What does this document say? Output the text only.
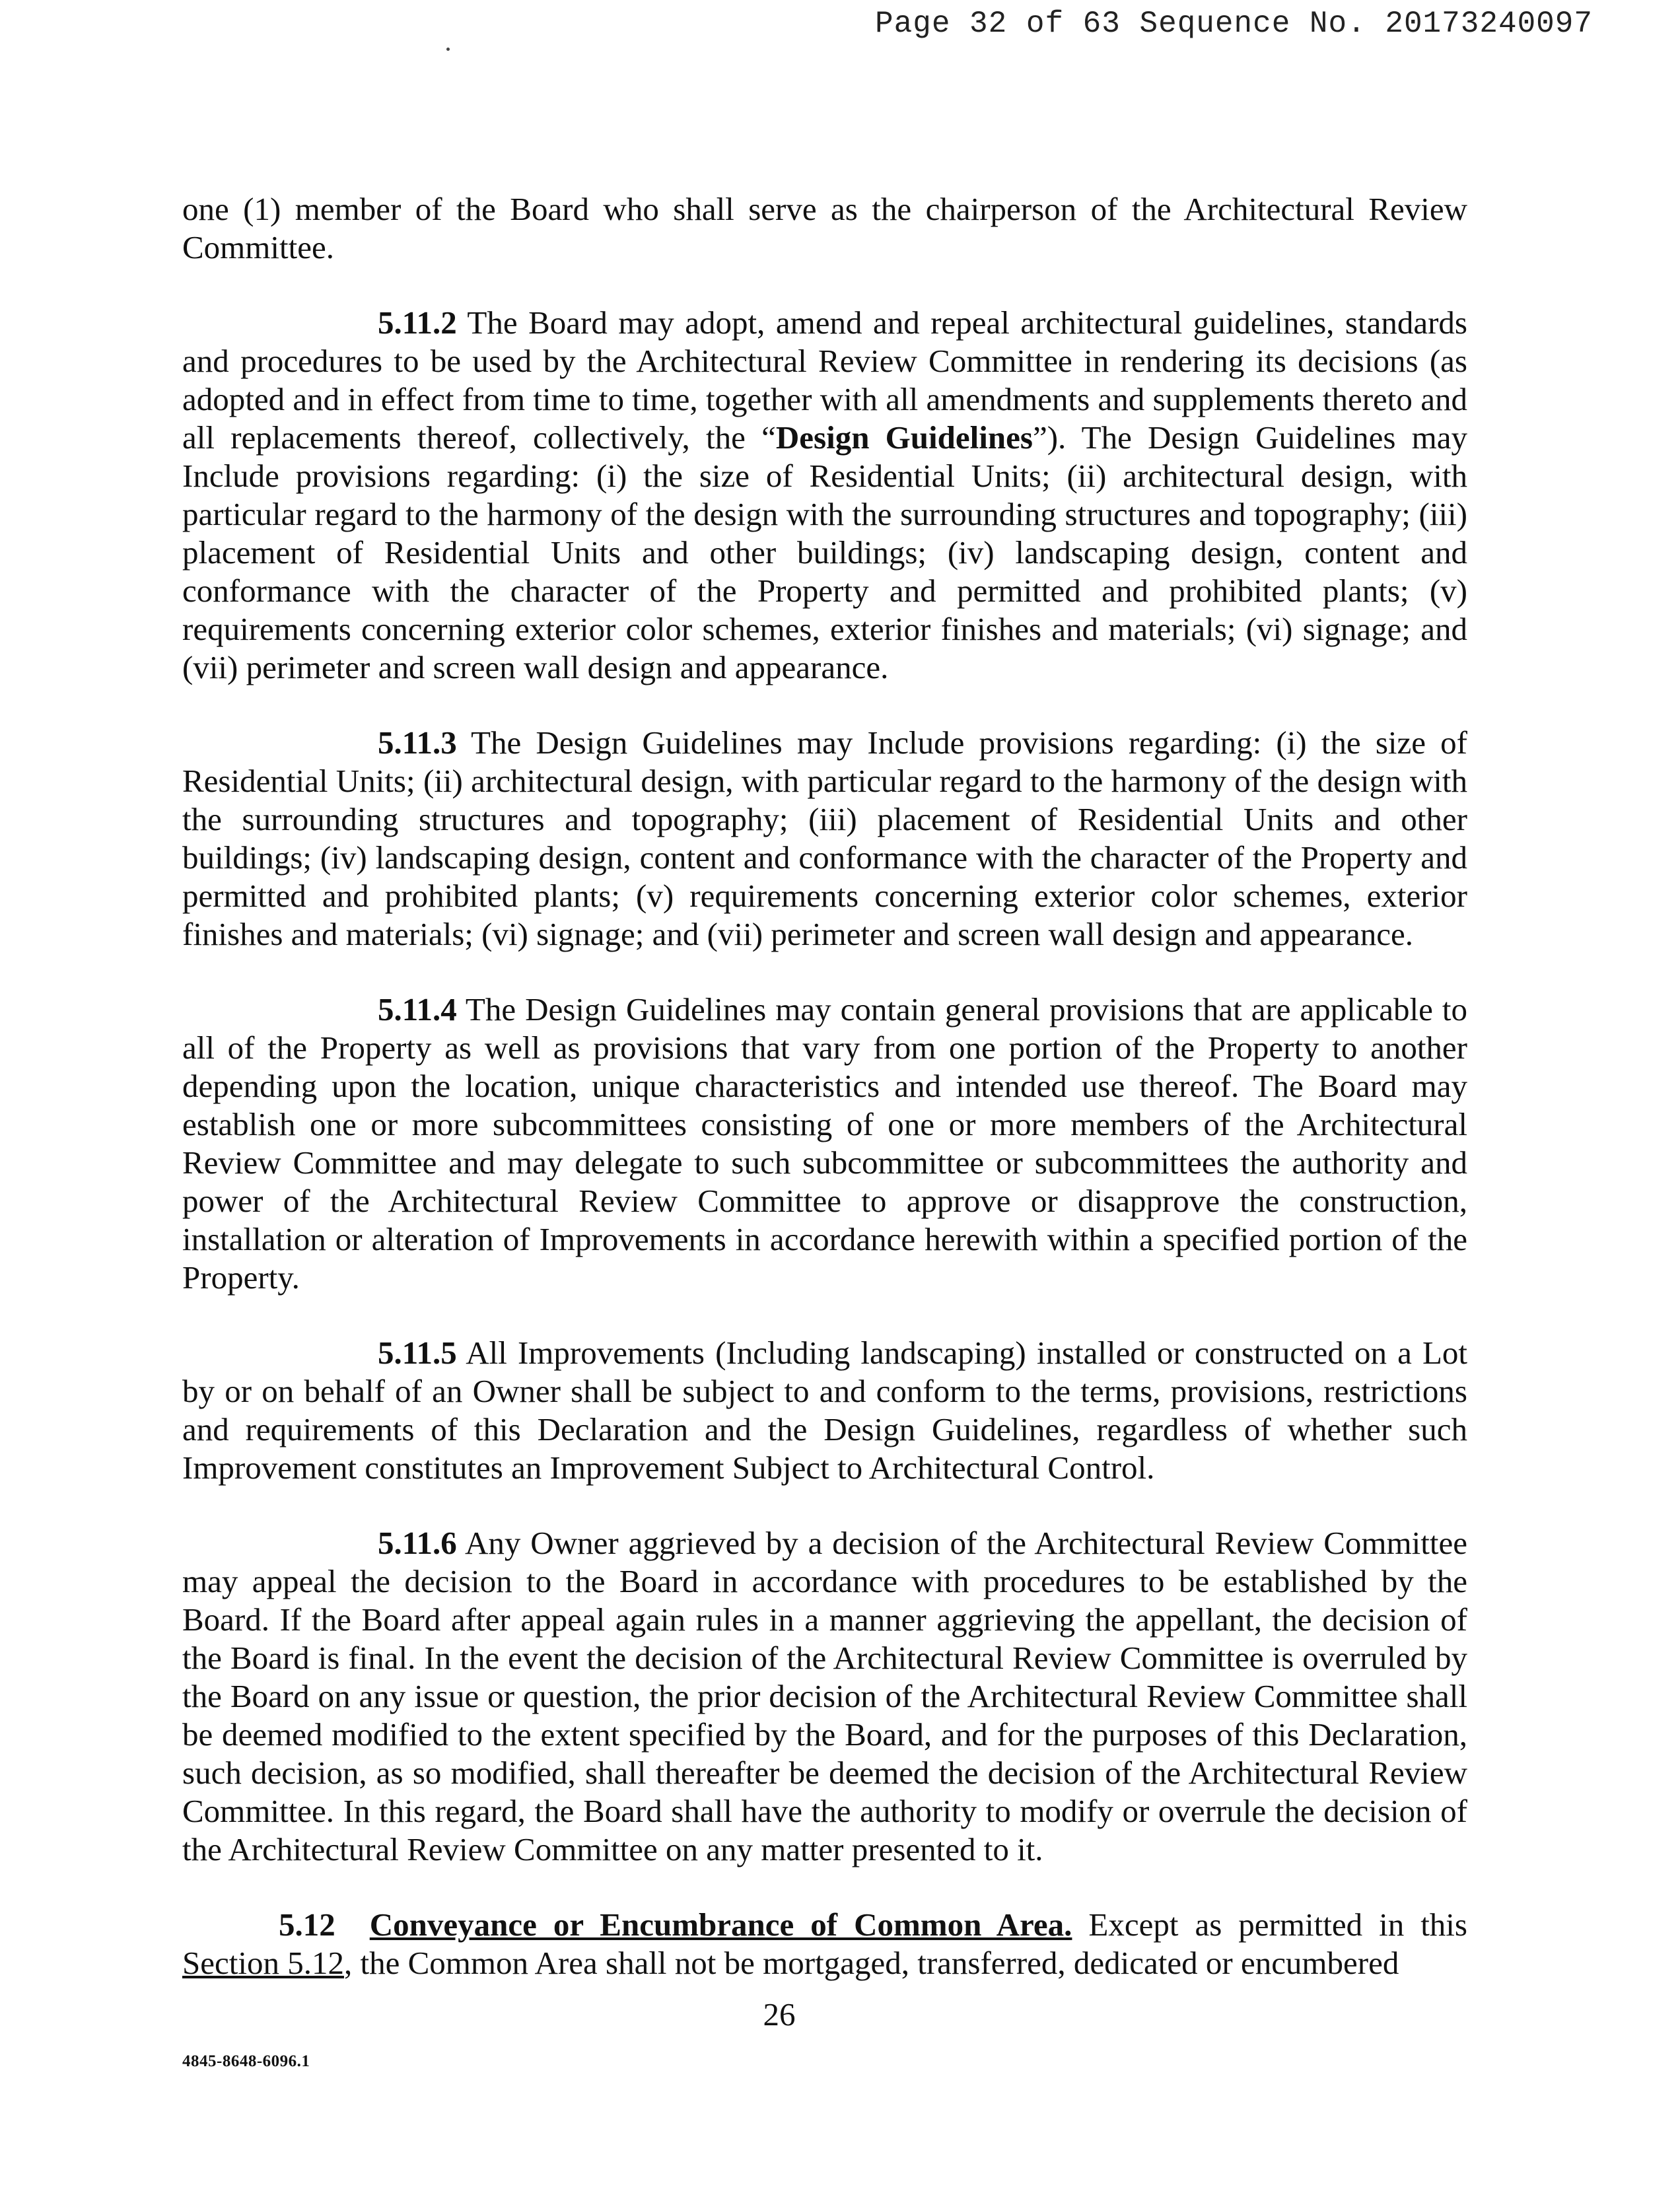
Page 32 of 63 Sequence No. 20173240097

one (1) member of the Board who shall serve as the chairperson of the Architectural Review Committee.

5.11.2 The Board may adopt, amend and repeal architectural guidelines, standards and procedures to be used by the Architectural Review Committee in rendering its decisions (as adopted and in effect from time to time, together with all amendments and supplements thereto and all replacements thereof, collectively, the “Design Guidelines”). The Design Guidelines may Include provisions regarding: (i) the size of Residential Units; (ii) architectural design, with particular regard to the harmony of the design with the surrounding structures and topography; (iii) placement of Residential Units and other buildings; (iv) landscaping design, content and conformance with the character of the Property and permitted and prohibited plants; (v) requirements concerning exterior color schemes, exterior finishes and materials; (vi) signage; and (vii) perimeter and screen wall design and appearance.

5.11.3 The Design Guidelines may Include provisions regarding: (i) the size of Residential Units; (ii) architectural design, with particular regard to the harmony of the design with the surrounding structures and topography; (iii) placement of Residential Units and other buildings; (iv) landscaping design, content and conformance with the character of the Property and permitted and prohibited plants; (v) requirements concerning exterior color schemes, exterior finishes and materials; (vi) signage; and (vii) perimeter and screen wall design and appearance.

5.11.4 The Design Guidelines may contain general provisions that are applicable to all of the Property as well as provisions that vary from one portion of the Property to another depending upon the location, unique characteristics and intended use thereof. The Board may establish one or more subcommittees consisting of one or more members of the Architectural Review Committee and may delegate to such subcommittee or subcommittees the authority and power of the Architectural Review Committee to approve or disapprove the construction, installation or alteration of Improvements in accordance herewith within a specified portion of the Property.

5.11.5 All Improvements (Including landscaping) installed or constructed on a Lot by or on behalf of an Owner shall be subject to and conform to the terms, provisions, restrictions and requirements of this Declaration and the Design Guidelines, regardless of whether such Improvement constitutes an Improvement Subject to Architectural Control.

5.11.6 Any Owner aggrieved by a decision of the Architectural Review Committee may appeal the decision to the Board in accordance with procedures to be established by the Board. If the Board after appeal again rules in a manner aggrieving the appellant, the decision of the Board is final. In the event the decision of the Architectural Review Committee is overruled by the Board on any issue or question, the prior decision of the Architectural Review Committee shall be deemed modified to the extent specified by the Board, and for the purposes of this Declaration, such decision, as so modified, shall thereafter be deemed the decision of the Architectural Review Committee. In this regard, the Board shall have the authority to modify or overrule the decision of the Architectural Review Committee on any matter presented to it.

5.12 Conveyance or Encumbrance of Common Area. Except as permitted in this Section 5.12, the Common Area shall not be mortgaged, transferred, dedicated or encumbered

26
4845-8648-6096.1
